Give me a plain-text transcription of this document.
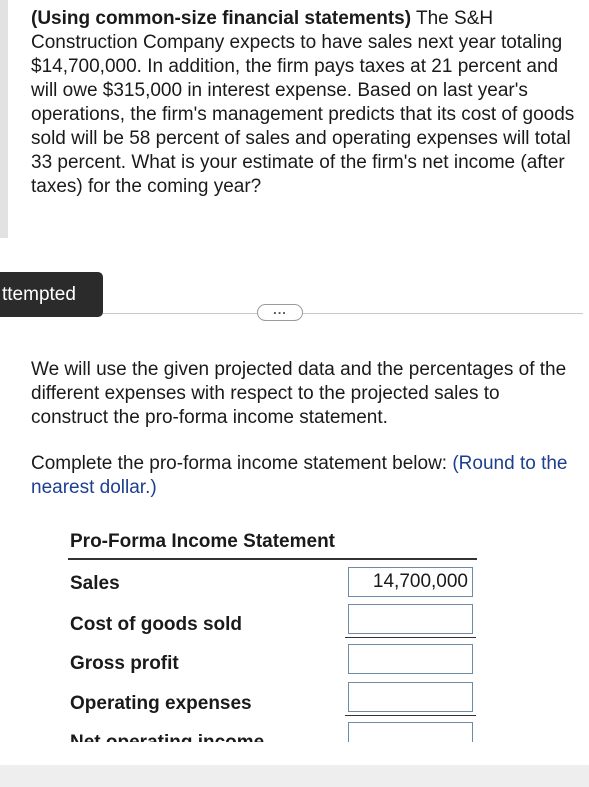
(Using common-size financial statements) The S&H Construction Company expects to have sales next year totaling $14,700,000. In addition, the firm pays taxes at 21 percent and will owe $315,000 in interest expense. Based on last year's operations, the firm's management predicts that its cost of goods sold will be 58 percent of sales and operating expenses will total 33 percent. What is your estimate of the firm's net income (after taxes) for the coming year?

ttempted
...

We will use the given projected data and the percentages of the different expenses with respect to the projected sales to construct the pro-forma income statement.

Complete the pro-forma income statement below: (Round to the nearest dollar.)

Pro-Forma Income Statement
Sales
14,700,000
Cost of goods sold
Gross profit
Operating expenses
